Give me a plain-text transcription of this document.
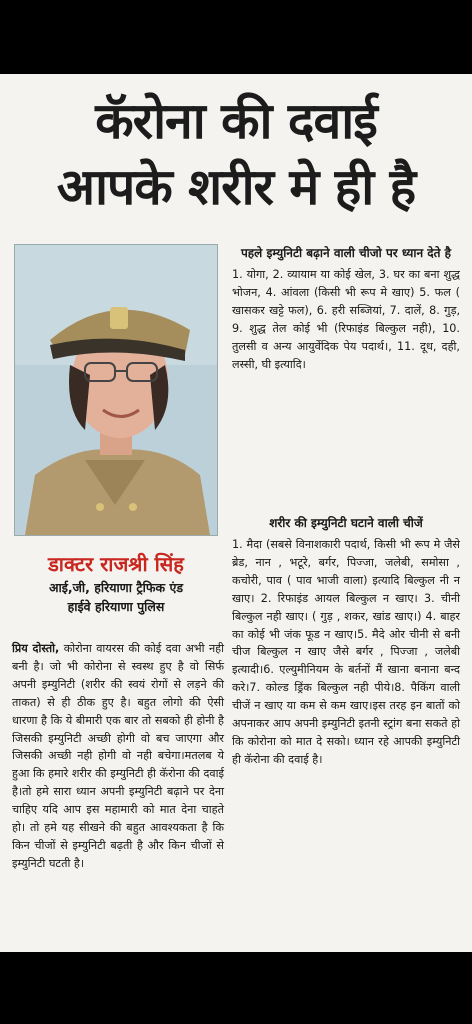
कॅरोना की दवाई
आपके शरीर मे ही है
डाक्टर राजश्री सिंह
आई,जी, हरियाणा ट्रैफिक एंड
हाईवे हरियाणा पुलिस
प्रिय दोस्तो, कोरोना वायरस की कोई दवा अभी नही बनी है। जो भी कोरोना से स्वस्थ हुए है वो सिर्फ अपनी इम्युनिटी (शरीर की स्वयं रोगों से लड़ने की ताकत) से ही ठीक हुए है। बहुत लोगो की ऐसी धारणा है कि ये बीमारी एक बार तो सबको ही होनी है जिसकी इम्युनिटी अच्छी होगी वो बच जाएगा और जिसकी अच्छी नही होगी वो नही बचेगा।मतलब ये हुआ कि हमारे शरीर की इम्युनिटी ही कॅरोना की दवाई है।तो हमे सारा ध्यान अपनी इम्युनिटी बढ़ाने पर देना चाहिए यदि आप इस महामारी को मात देना चाहते हो। तो हमे यह सीखने की बहुत आवश्यकता है कि किन चीजों से इम्युनिटी बढ़ती है और किन चीजों से इम्युनिटी घटती है।
पहले इम्युनिटी बढ़ाने वाली चीजो पर ध्यान देते है
1. योगा, 2. व्यायाम या कोई खेल, 3. घर का बना शुद्ध भोजन, 4. आंवला (किसी भी रूप मे खाए) 5. फल ( खासकर खट्टे फल), 6. हरी सब्जियां, 7. दालें, 8. गुड़, 9. शुद्ध तेल कोई भी (रिफाइंड बिल्कुल नही), 10. तुलसी व अन्य आयुर्वेदिक पेय पदार्थ।, 11. दूध, दही, लस्सी, घी इत्यादि।
शरीर की इम्युनिटी घटाने वाली चीजें
1. मैदा (सबसे विनाशकारी पदार्थ, किसी भी रूप मे जैसे ब्रेड, नान , भटूरे, बर्गर, पिज्जा, जलेबी, समोसा , कचोरी, पाव ( पाव भाजी वाला) इत्यादि बिल्कुल नी न खाए। 2. रिफाइंड आयल बिल्कुल न खाए। 3. चीनी बिल्कुल नही खाए। ( गुड़ , शकर, खांड खाए।) 4. बाहर का कोई भी जंक फूड न खाए।5. मैदे ओर चीनी से बनी चीज बिल्कुल न खाए जैसे बर्गर , पिज्जा , जलेबी इत्यादी।6. एल्युमीनियम के बर्तनों मैं खाना बनाना बन्द करे।7. कोल्ड ड्रिंक बिल्कुल नही पीये।8. पैकिंग वाली चीजें न खाए या कम से कम खाए।इस तरह इन बातों को अपनाकर आप अपनी इम्युनिटी इतनी स्ट्रांग बना सकते हो कि कोरोना को मात दे सको। ध्यान रहे आपकी इम्युनिटी ही कॅरोना की दवाई है।
